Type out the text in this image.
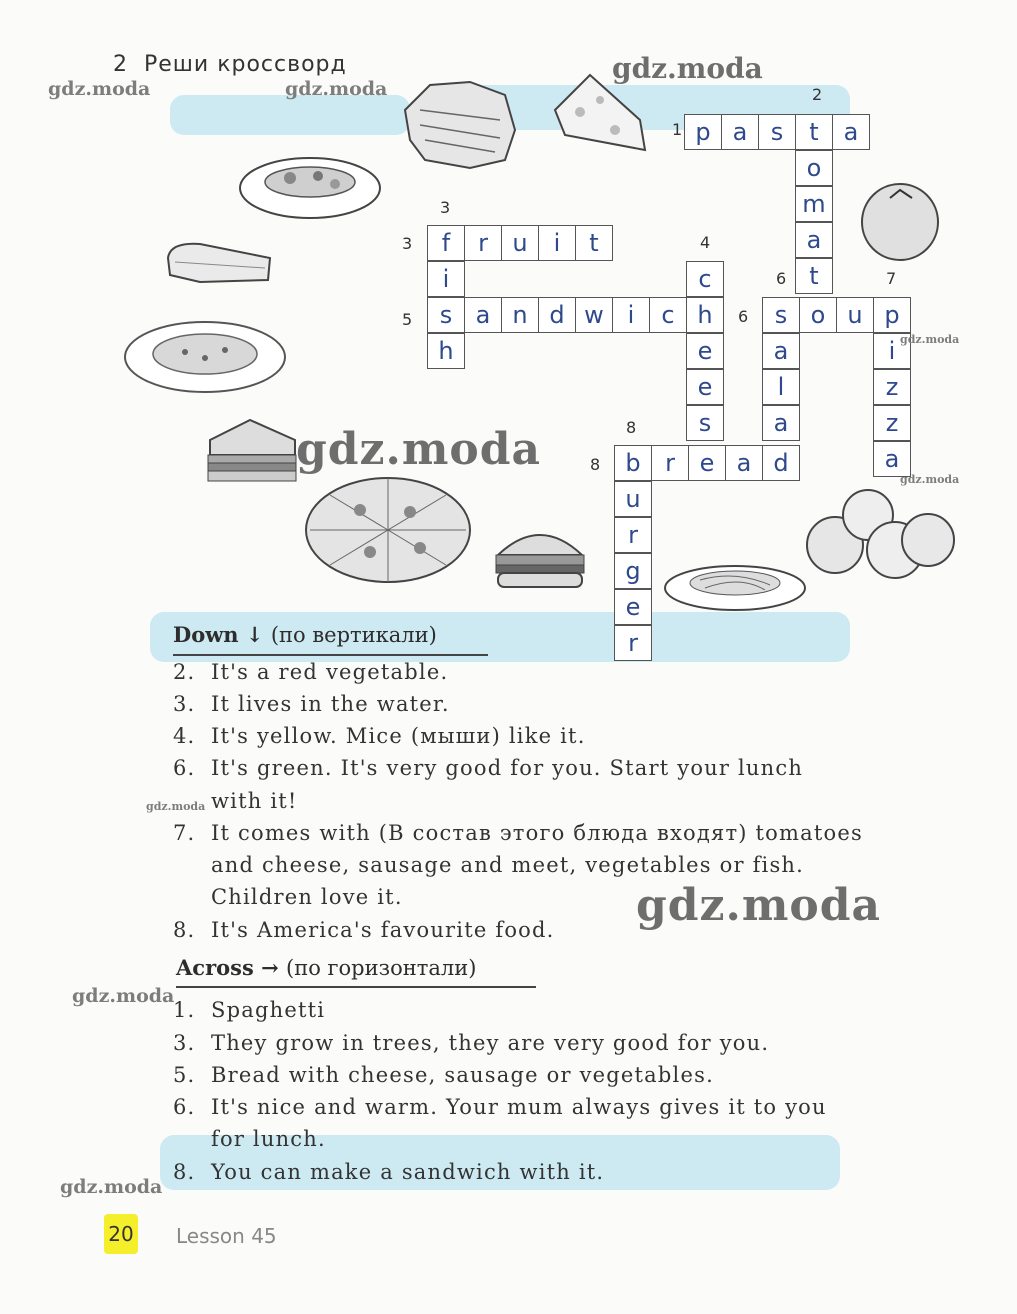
2 Реши кроссворд
1
2
3
3	4
5
6
6
7
8
8
p a s	t	a
o
m
a
t
f	r	u	i	t
i
h
s a n d w i	c h
c
e
e
s
s o u p
a
l
a
i
z
z
a
b	r	e a d
u
r
g
e
r
gdz.moda	gdz.moda
gdz.moda
gdz.moda
gdz.moda
gdz.moda
gdz.moda
gdz.moda
gdz.moda
gdz.moda
Down ↓ (по вертикали)
2. It's a red vegetable.
3. It lives in the water.
4. It's yellow. Mice (мыши) like it.
6. It's green. It's very good for you. Start your lunch
with it!
7. It comes with (В состав этого блюда входят) tomatoes
and cheese, sausage and meet, vegetables or fish.
Children love it.
8. It's America's favourite food.
Across → (по горизонтали)
1. Spaghetti
3. They grow in trees, they are very good for you.
5. Bread with cheese, sausage or vegetables.
6. It's nice and warm. Your mum always gives it to you
for lunch.
8. You can make a sandwich with it.
20 Lesson 45
